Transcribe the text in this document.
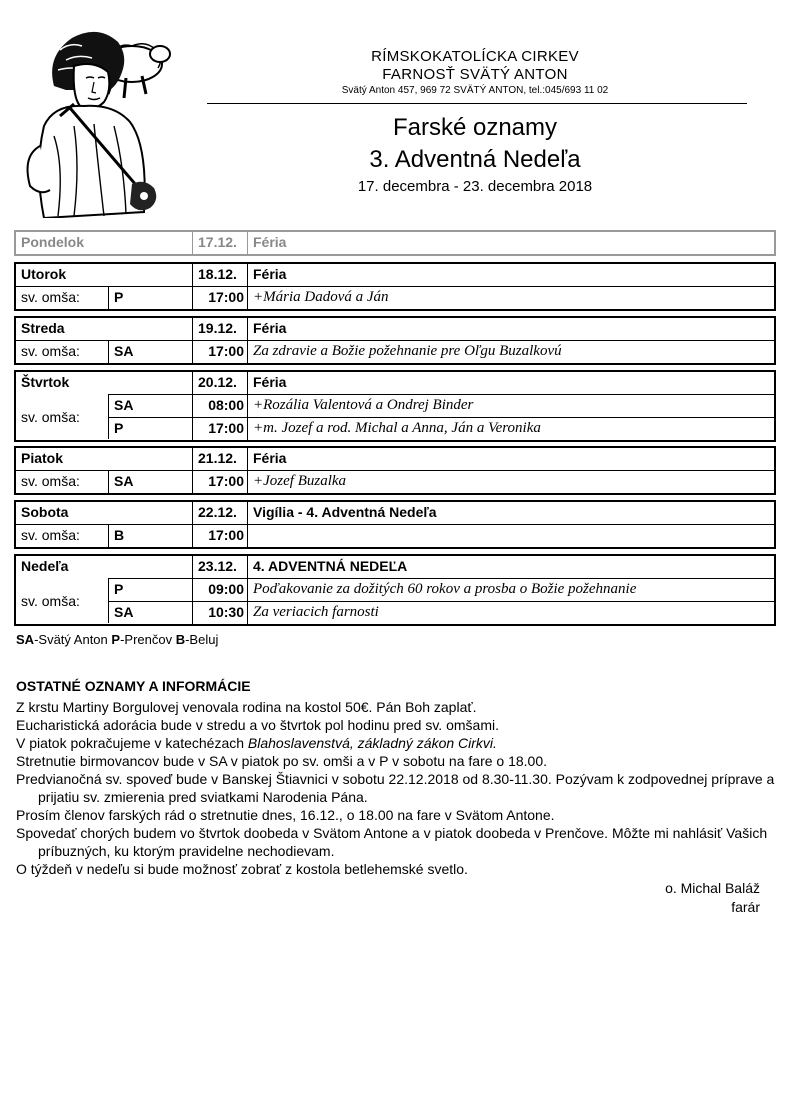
RÍMSKOKATOLÍCKA CIRKEV
FARNOSŤ SVÄTÝ ANTON
Svätý Anton 457, 969 72 SVÄTÝ ANTON, tel.:045/693 11 02
Farské oznamy
3. Adventná Nedeľa
17. decembra - 23. decembra 2018
Pondelok	17.12.	Féria
Utorok	18.12.	Féria
sv. omša:	P	17:00 +Mária Dadová a Ján
Streda	19.12.	Féria
sv. omša:	SA	17:00 Za zdravie a Božie požehnanie pre Oľgu Buzalkovú
Štvrtok	20.12.	Féria
sv. omša:
SA	08:00 +Rozália Valentová a Ondrej Binder
P	17:00 +m. Jozef a rod. Michal a Anna, Ján a Veronika
Piatok	21.12.	Féria
sv. omša:	SA	17:00 +Jozef Buzalka
Sobota	22.12.	Vigília - 4. Adventná Nedeľa
sv. omša:	B	17:00
Nedeľa	23.12.	4. ADVENTNÁ NEDEĽA
sv. omša:
P	09:00 Poďakovanie za dožitých 60 rokov a prosba o Božie požehnanie
SA	10:30 Za veriacich farnosti
SA-Svätý Anton P-Prenčov B-Beluj
OSTATNÉ OZNAMY A INFORMÁCIE

Z krstu Martiny Borgulovej venovala rodina na kostol 50€. Pán Boh zaplať.

Eucharistická adorácia bude v stredu a vo štvrtok pol hodinu pred sv. omšami.

V piatok pokračujeme v katechézach Blahoslavenstvá, základný zákon Cirkvi.

Stretnutie birmovancov bude v SA v piatok po sv. omši a v P v sobotu na fare o 18.00.

Predvianočná sv. spoveď bude v Banskej Štiavnici v sobotu 22.12.2018 od 8.30-11.30. Pozývam k zodpovednej príprave a prijatiu sv. zmierenia pred sviatkami Narodenia Pána.

Prosím členov farských rád o stretnutie dnes, 16.12., o 18.00 na fare v Svätom Antone.

Spovedať chorých budem vo štvrtok doobeda v Svätom Antone a v piatok doobeda v Prenčove. Môžte mi nahlásiť Vašich príbuzných, ku ktorým pravidelne nechodievam.

O týždeň v nedeľu si bude možnosť zobrať z kostola betlehemské svetlo.

o. Michal Baláž
farár
